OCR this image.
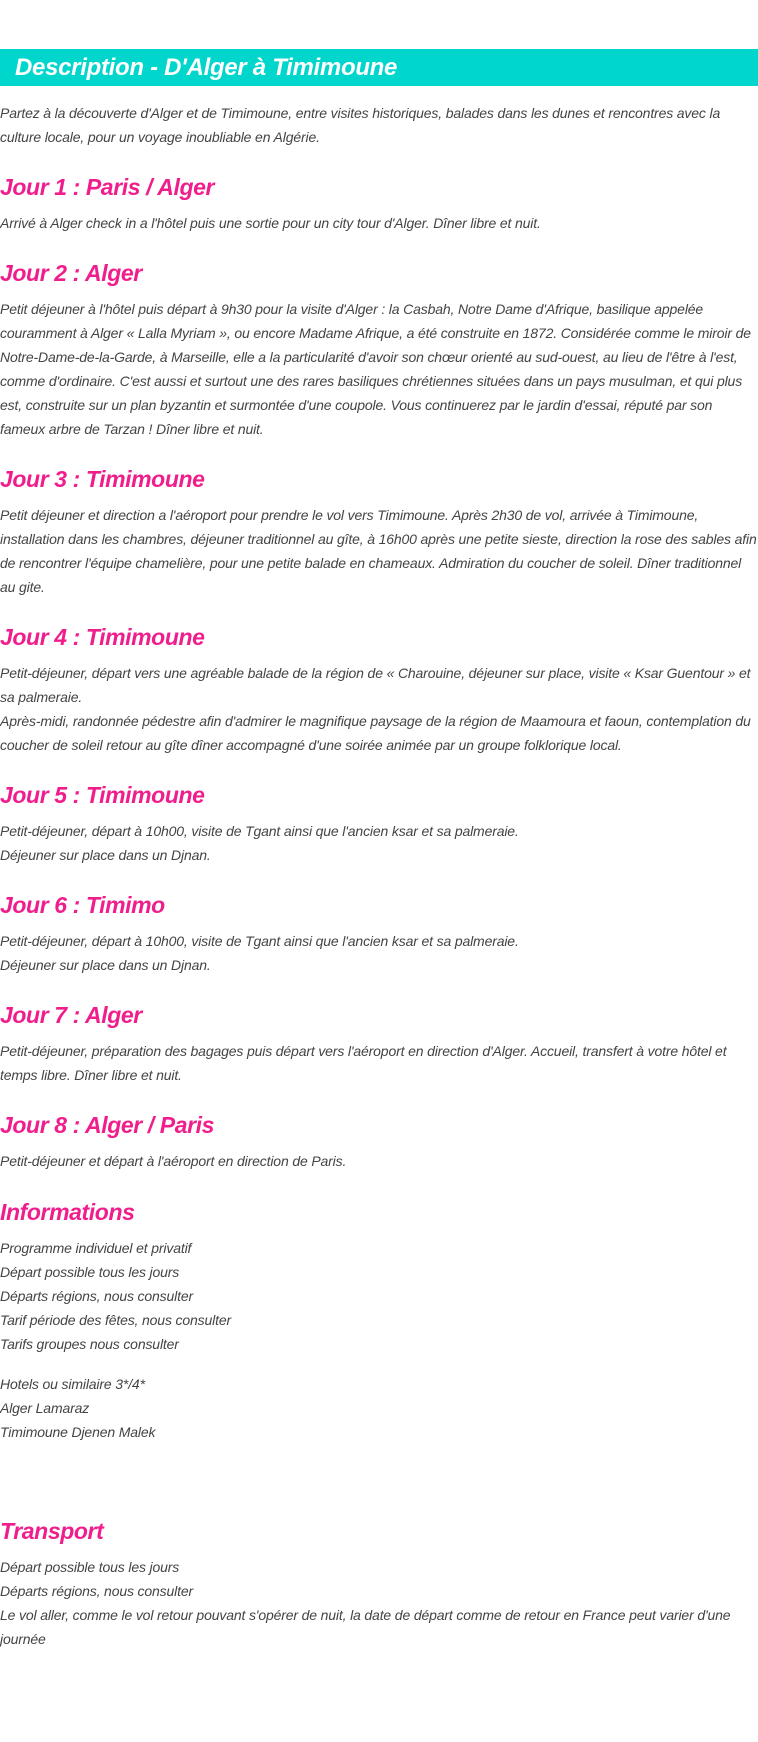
Description - D'Alger à Timimoune

Partez à la découverte d'Alger et de Timimoune, entre visites historiques, balades dans les dunes et rencontres avec la culture locale, pour un voyage inoubliable en Algérie.

Jour 1 : Paris / Alger

Arrivé à Alger check in a l'hôtel puis une sortie pour un city tour d'Alger. Dîner libre et nuit.

Jour 2 : Alger

Petit déjeuner à l'hôtel puis départ à 9h30 pour la visite d'Alger : la Casbah, Notre Dame d'Afrique, basilique appelée couramment à Alger « Lalla Myriam », ou encore Madame Afrique, a été construite en 1872. Considérée comme le miroir de Notre-Dame-de-la-Garde, à Marseille, elle a la particularité d'avoir son chœur orienté au sud-ouest, au lieu de l'être à l'est, comme d'ordinaire. C'est aussi et surtout une des rares basiliques chrétiennes situées dans un pays musulman, et qui plus est, construite sur un plan byzantin et surmontée d'une coupole. Vous continuerez par le jardin d'essai, réputé par son fameux arbre de Tarzan ! Dîner libre et nuit.

Jour 3 : Timimoune

Petit déjeuner et direction a l'aéroport pour prendre le vol vers Timimoune. Après 2h30 de vol, arrivée à Timimoune, installation dans les chambres, déjeuner traditionnel au gîte, à 16h00 après une petite sieste, direction la rose des sables afin de rencontrer l'équipe chamelière, pour une petite balade en chameaux. Admiration du coucher de soleil. Dîner traditionnel au gite.

Jour 4 : Timimoune

Petit-déjeuner, départ vers une agréable balade de la région de « Charouine, déjeuner sur place, visite « Ksar Guentour » et sa palmeraie.

Après-midi, randonnée pédestre afin d'admirer le magnifique paysage de la région de Maamoura et faoun, contemplation du coucher de soleil retour au gîte dîner accompagné d'une soirée animée par un groupe folklorique local.

Jour 5 : Timimoune

Petit-déjeuner, départ à 10h00, visite de Tgant ainsi que l'ancien ksar et sa palmeraie.

Déjeuner sur place dans un Djnan.

Jour 6 : Timimo

Petit-déjeuner, départ à 10h00, visite de Tgant ainsi que l'ancien ksar et sa palmeraie.

Déjeuner sur place dans un Djnan.

Jour 7 : Alger

Petit-déjeuner, préparation des bagages puis départ vers l'aéroport en direction d'Alger. Accueil, transfert à votre hôtel et temps libre. Dîner libre et nuit.

Jour 8 : Alger / Paris

Petit-déjeuner et départ à l'aéroport en direction de Paris.

Informations
Programme individuel et privatif
Départ possible tous les jours
Départs régions, nous consulter
Tarif période des fêtes, nous consulter
Tarifs groupes nous consulter
Hotels ou similaire 3*/4*
Alger Lamaraz
Timimoune Djenen Malek
Transport
Départ possible tous les jours
Départs régions, nous consulter
Le vol aller, comme le vol retour pouvant s'opérer de nuit, la date de départ comme de retour en France peut varier d'une journée
